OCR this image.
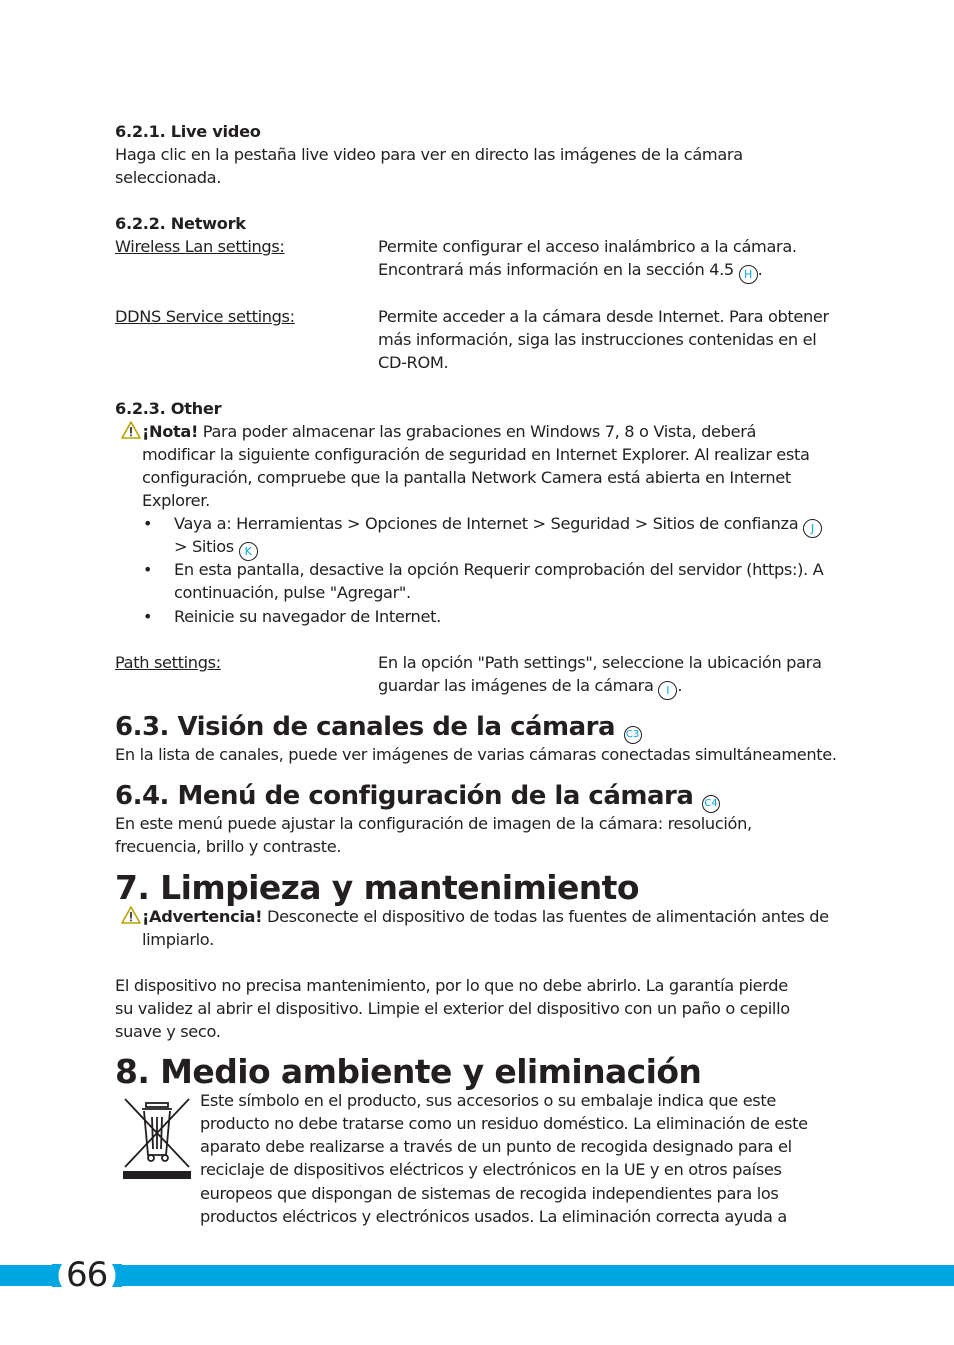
6.2.1. Live video
Haga clic en la pestaña live video para ver en directo las imágenes de la cámara
seleccionada.
6.2.2. Network
Wireless Lan settings:	Permite configurar el acceso inalámbrico a la cámara.
Encontrará más información en la sección 4.5 H .
DDNS Service settings:	Permite acceder a la cámara desde Internet. Para obtener
más información, siga las instrucciones contenidas en el
CD-ROM.
6.2.3. Other
¡Nota! Para poder almacenar las grabaciones en Windows 7, 8 o Vista, deberá
modificar la siguiente configuración de seguridad en Internet Explorer. Al realizar esta
configuración, compruebe que la pantalla Network Camera está abierta en Internet
Explorer.
• Vaya a: Herramientas > Opciones de Internet > Seguridad > Sitios de confianza J
> Sitios K
• En esta pantalla, desactive la opción Requerir comprobación del servidor (https:). A
continuación, pulse "Agregar".
• Reinicie su navegador de Internet.
Path settings:	En la opción "Path settings", seleccione la ubicación para
guardar las imágenes de la cámara I .
6.3. Visión de canales de la cámara C3
En la lista de canales, puede ver imágenes de varias cámaras conectadas simultáneamente.
6.4. Menú de configuración de la cámara C4
En este menú puede ajustar la configuración de imagen de la cámara: resolución,
frecuencia, brillo y contraste.
7. Limpieza y mantenimiento
¡Advertencia! Desconecte el dispositivo de todas las fuentes de alimentación antes de
limpiarlo.
El dispositivo no precisa mantenimiento, por lo que no debe abrirlo. La garantía pierde
su validez al abrir el dispositivo. Limpie el exterior del dispositivo con un paño o cepillo
suave y seco.
8. Medio ambiente y eliminación
Este símbolo en el producto, sus accesorios o su embalaje indica que este
producto no debe tratarse como un residuo doméstico. La eliminación de este
aparato debe realizarse a través de un punto de recogida designado para el
reciclaje de dispositivos eléctricos y electrónicos en la UE y en otros países
europeos que dispongan de sistemas de recogida independientes para los
productos eléctricos y electrónicos usados. La eliminación correcta ayuda a
66
